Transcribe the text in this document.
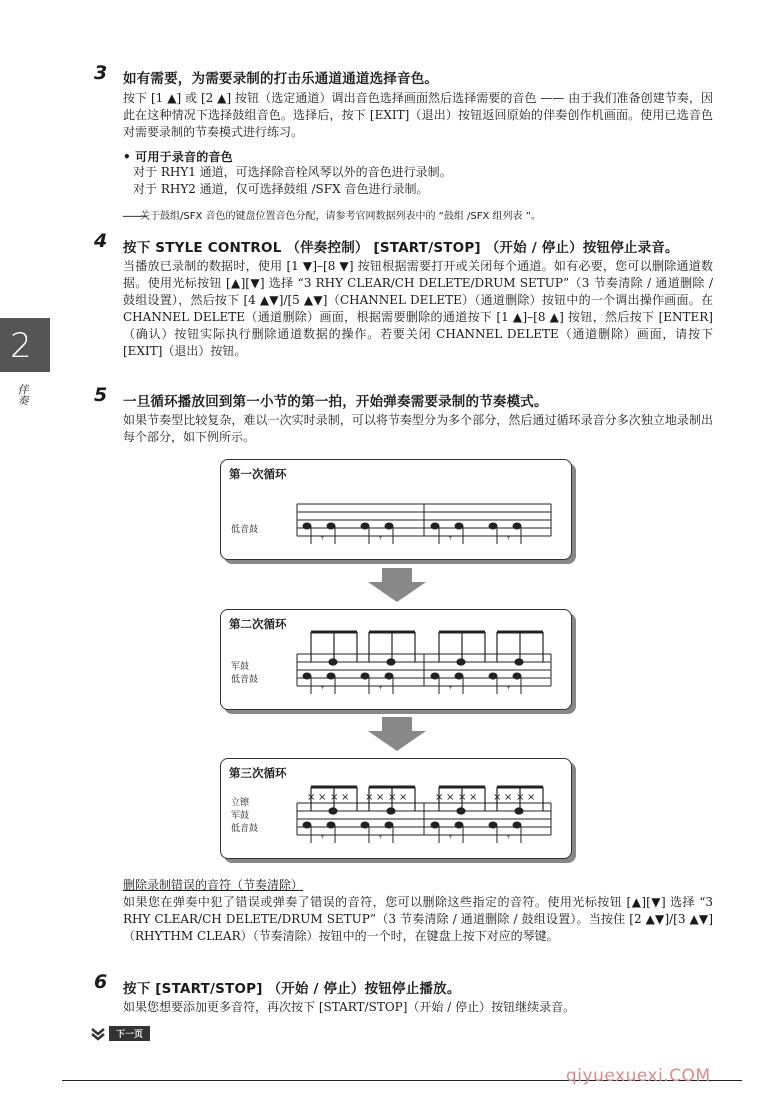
2
伴奏
3 如有需要，为需要录制的打击乐通道通道选择音色。
按下 [1 ▲] 或 [2 ▲] 按钮（选定通道）调出音色选择画面然后选择需要的音色 —— 由于我们准备创建节奏，因此在这种情况下选择鼓组音色。选择后，按下 [EXIT]（退出）按钮返回原始的伴奏创作机画面。使用已选音色对需要录制的节奏模式进行练习。
• 可用于录音的音色
对于 RHY1 通道，可选择除音栓风琴以外的音色进行录制。
对于 RHY2 通道，仅可选择鼓组 /SFX 音色进行录制。
⸻
关于鼓组/SFX 音色的键盘位置音色分配，请参考官网数据列表中的 “鼓组 /SFX 组列表 ”。
4 按下 STYLE CONTROL （伴奏控制） [START/STOP] （开始 / 停止）按钮停止录音。
当播放已录制的数据时，使用 [1 ▼]–[8 ▼] 按钮根据需要打开或关闭每个通道。如有必要，您可以删除通道数据。使用光标按钮 [▲][▼] 选择 “3 RHY CLEAR/CH DELETE/DRUM SETUP”（3 节奏清除 / 通道删除 / 鼓组设置），然后按下 [4 ▲▼]/[5 ▲▼]（CHANNEL DELETE）（通道删除）按钮中的一个调出操作画面。在 CHANNEL DELETE（通道删除）画面，根据需要删除的通道按下 [1 ▲]–[8 ▲] 按钮，然后按下 [ENTER]（确认）按钮实际执行删除通道数据的操作。若要关闭 CHANNEL DELETE（通道删除）画面，请按下 [EXIT]（退出）按钮。
5 一旦循环播放回到第一小节的第一拍，开始弹奏需要录制的节奏模式。
如果节奏型比较复杂，难以一次实时录制，可以将节奏型分为多个部分，然后通过循环录音分多次独立地录制出每个部分，如下例所示。
第一次循环
低音鼓
𝄾	𝄾	𝄾	𝄾
第二次循环
军鼓
低音鼓
𝄾	𝄾	𝄾	𝄾
立镲
第三次循环
军鼓
低音鼓
× × × × × × × ×	× × × × × × × ×
𝄾	𝄾	𝄾	𝄾
删除录制错误的音符（节奏清除）
如果您在弹奏中犯了错误或弹奏了错误的音符，您可以删除这些指定的音符。使用光标按钮 [▲][▼] 选择 “3 RHY CLEAR/CH DELETE/DRUM SETUP”（3 节奏清除 / 通道删除 / 鼓组设置）。当按住 [2 ▲▼]/[3 ▲▼]（RHYTHM CLEAR）（节奏清除）按钮中的一个时，在键盘上按下对应的琴键。
6 按下 [START/STOP] （开始 / 停止）按钮停止播放。
如果您想要添加更多音符，再次按下 [START/STOP]（开始 / 停止）按钮继续录音。
下一页
qiyuexuexi.COM
